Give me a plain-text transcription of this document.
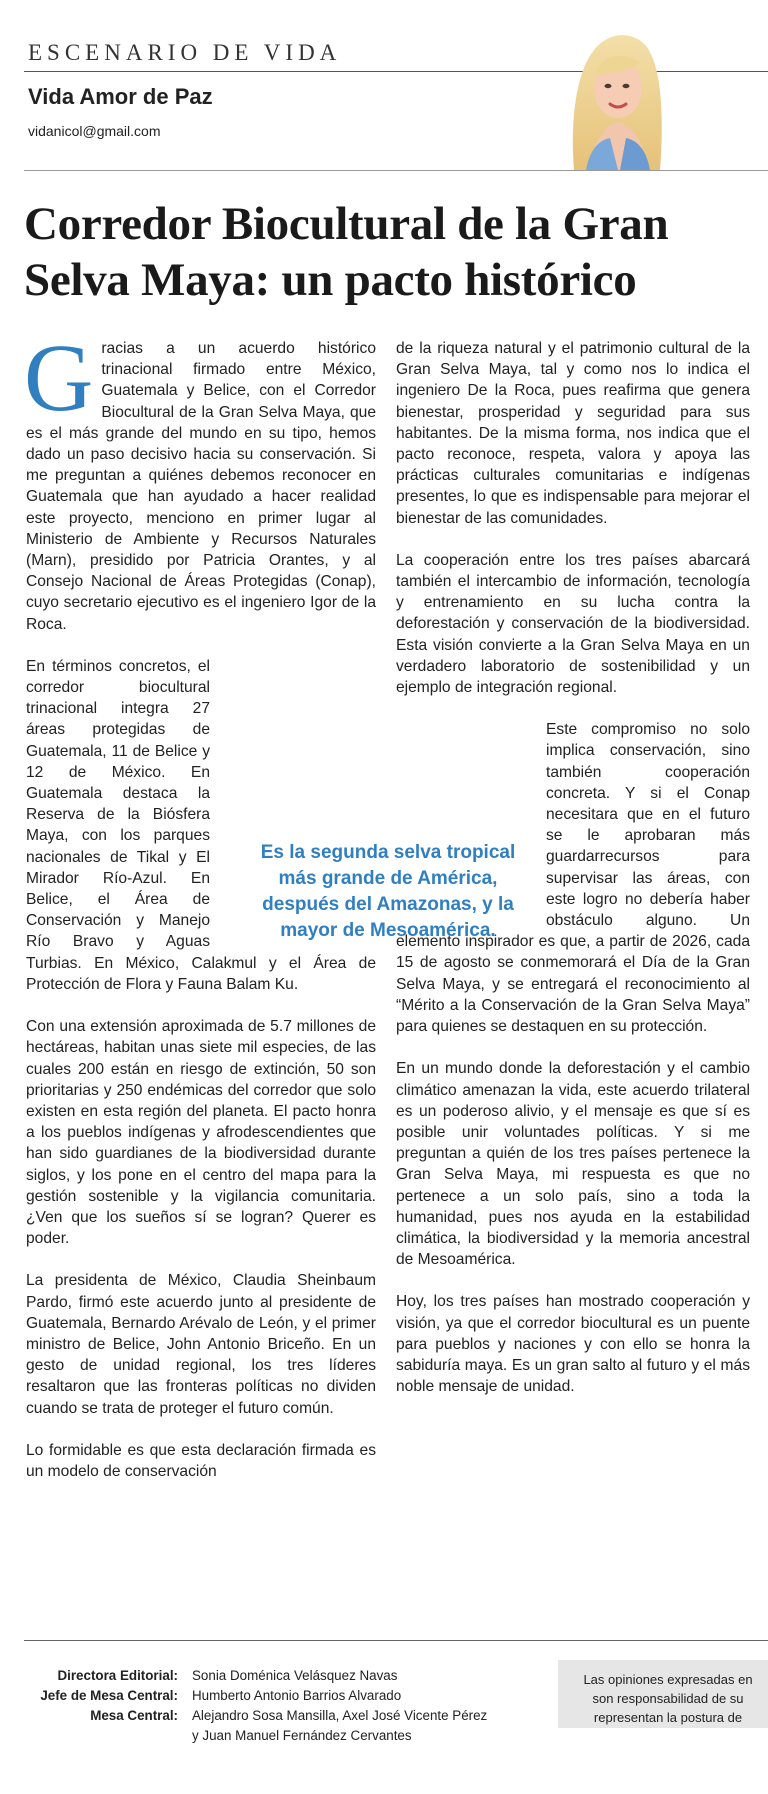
ESCENARIO DE VIDA
Vida Amor de Paz
vidanicol@gmail.com
Corredor Biocultural de la Gran Selva Maya: un pacto histórico

G racias a un acuerdo histórico trinacional firmado entre México, Guatemala y Belice, con el Corredor Biocultural de la Gran Selva Maya, que es el más grande del mundo en su tipo, hemos dado un paso decisivo hacia su conservación. Si me preguntan a quiénes debemos reconocer en Guatemala que han ayudado a hacer realidad este proyecto, menciono en primer lugar al Ministerio de Ambiente y Recursos Naturales (Marn), presidido por Patricia Orantes, y al Consejo Nacional de Áreas Protegidas (Conap), cuyo secretario ejecutivo es el ingeniero Igor de la Roca.

En términos concretos, el corredor biocultural trinacional integra 27 áreas protegidas de Guatemala, 11 de Belice y 12 de México. En Guatemala destaca la Reserva de la Biósfera Maya, con los parques nacionales de Tikal y El Mirador Río-Azul. En Belice, el Área de Conservación y Manejo Río Bravo y Aguas Turbias. En México, Calakmul y el Área de Protección de Flora y Fauna Balam Ku.

Con una extensión aproximada de 5.7 millones de hectáreas, habitan unas siete mil especies, de las cuales 200 están en riesgo de extinción, 50 son prioritarias y 250 endémicas del corredor que solo existen en esta región del planeta. El pacto honra a los pueblos indígenas y afrodescendientes que han sido guardianes de la biodiversidad durante siglos, y los pone en el centro del mapa para la gestión sostenible y la vigilancia comunitaria. ¿Ven que los sueños sí se logran? Querer es poder.

La presidenta de México, Claudia Sheinbaum Pardo, firmó este acuerdo junto al presidente de Guatemala, Bernardo Arévalo de León, y el primer ministro de Belice, John Antonio Briceño. En un gesto de unidad regional, los tres líderes resaltaron que las fronteras políticas no dividen cuando se trata de proteger el futuro común.

Lo formidable es que esta declaración firmada es un modelo de conservación

de la riqueza natural y el patrimonio cultural de la Gran Selva Maya, tal y como nos lo indica el ingeniero De la Roca, pues reafirma que genera bienestar, prosperidad y seguridad para sus habitantes. De la misma forma, nos indica que el pacto reconoce, respeta, valora y apoya las prácticas culturales comunitarias e indígenas presentes, lo que es indispensable para mejorar el bienestar de las comunidades.

La cooperación entre los tres países abarcará también el intercambio de información, tecnología y entrenamiento en su lucha contra la deforestación y conservación de la biodiversidad. Esta visión convierte a la Gran Selva Maya en un verdadero laboratorio de sostenibilidad y un ejemplo de integración regional.

Este compromiso no solo implica conservación, sino también cooperación concreta. Y si el Conap necesitara que en el futuro se le aprobaran más guardarrecursos para supervisar las áreas, con este logro no debería haber obstáculo alguno. Un elemento inspirador es que, a partir de 2026, cada 15 de agosto se conmemorará el Día de la Gran Selva Maya, y se entregará el reconocimiento al “Mérito a la Conservación de la Gran Selva Maya” para quienes se destaquen en su protección.

En un mundo donde la deforestación y el cambio climático amenazan la vida, este acuerdo trilateral es un poderoso alivio, y el mensaje es que sí es posible unir voluntades políticas. Y si me preguntan a quién de los tres países pertenece la Gran Selva Maya, mi respuesta es que no pertenece a un solo país, sino a toda la humanidad, pues nos ayuda en la estabilidad climática, la biodiversidad y la memoria ancestral de Mesoamérica.

Hoy, los tres países han mostrado cooperación y visión, ya que el corredor biocultural es un puente para pueblos y naciones y con ello se honra la sabiduría maya. Es un gran salto al futuro y el más noble mensaje de unidad.

Es la segunda selva tropical más grande de América, después del Amazonas, y la mayor de Mesoamérica.
Directora Editorial:	Sonia Doménica Velásquez Navas
Jefe de Mesa Central:	Humberto Antonio Barrios Alvarado
Mesa Central:	Alejandro Sosa Mansilla, Axel José Vicente Pérez
y Juan Manuel Fernández Cervantes
Las opiniones expresadas en
son responsabilidad de su
representan la postura de
